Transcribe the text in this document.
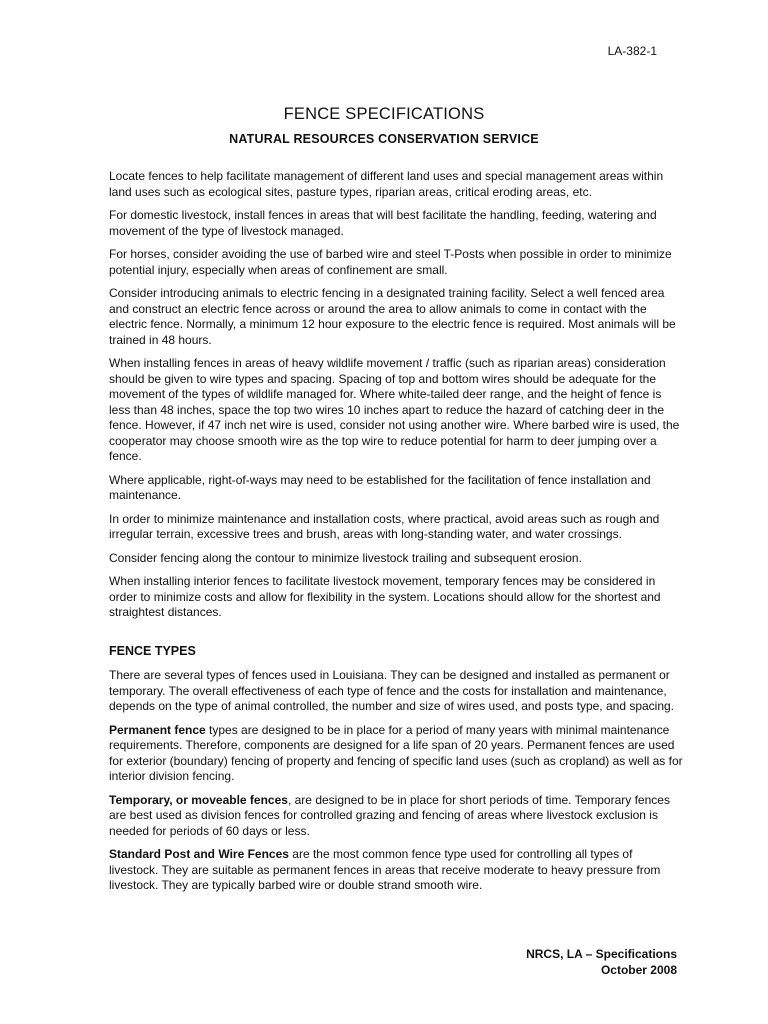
LA-382-1
FENCE SPECIFICATIONS
NATURAL RESOURCES CONSERVATION SERVICE

Locate fences to help facilitate management of different land uses and special management areas within land uses such as ecological sites, pasture types, riparian areas, critical eroding areas, etc.

For domestic livestock, install fences in areas that will best facilitate the handling, feeding, watering and movement of the type of livestock managed.

For horses, consider avoiding the use of barbed wire and steel T-Posts when possible in order to minimize potential injury, especially when areas of confinement are small.

Consider introducing animals to electric fencing in a designated training facility. Select a well fenced area and construct an electric fence across or around the area to allow animals to come in contact with the electric fence. Normally, a minimum 12 hour exposure to the electric fence is required. Most animals will be trained in 48 hours.

When installing fences in areas of heavy wildlife movement / traffic (such as riparian areas) consideration should be given to wire types and spacing. Spacing of top and bottom wires should be adequate for the movement of the types of wildlife managed for. Where white-tailed deer range, and the height of fence is less than 48 inches, space the top two wires 10 inches apart to reduce the hazard of catching deer in the fence. However, if 47 inch net wire is used, consider not using another wire. Where barbed wire is used, the cooperator may choose smooth wire as the top wire to reduce potential for harm to deer jumping over a fence.

Where applicable, right-of-ways may need to be established for the facilitation of fence installation and maintenance.

In order to minimize maintenance and installation costs, where practical, avoid areas such as rough and irregular terrain, excessive trees and brush, areas with long-standing water, and water crossings.

Consider fencing along the contour to minimize livestock trailing and subsequent erosion.

When installing interior fences to facilitate livestock movement, temporary fences may be considered in order to minimize costs and allow for flexibility in the system. Locations should allow for the shortest and straightest distances.

FENCE TYPES

There are several types of fences used in Louisiana. They can be designed and installed as permanent or temporary. The overall effectiveness of each type of fence and the costs for installation and maintenance, depends on the type of animal controlled, the number and size of wires used, and posts type, and spacing.

Permanent fence types are designed to be in place for a period of many years with minimal maintenance requirements. Therefore, components are designed for a life span of 20 years. Permanent fences are used for exterior (boundary) fencing of property and fencing of specific land uses (such as cropland) as well as for interior division fencing.

Temporary, or moveable fences, are designed to be in place for short periods of time. Temporary fences are best used as division fences for controlled grazing and fencing of areas where livestock exclusion is needed for periods of 60 days or less.

Standard Post and Wire Fences are the most common fence type used for controlling all types of livestock. They are suitable as permanent fences in areas that receive moderate to heavy pressure from livestock. They are typically barbed wire or double strand smooth wire.

NRCS, LA – Specifications
October 2008
